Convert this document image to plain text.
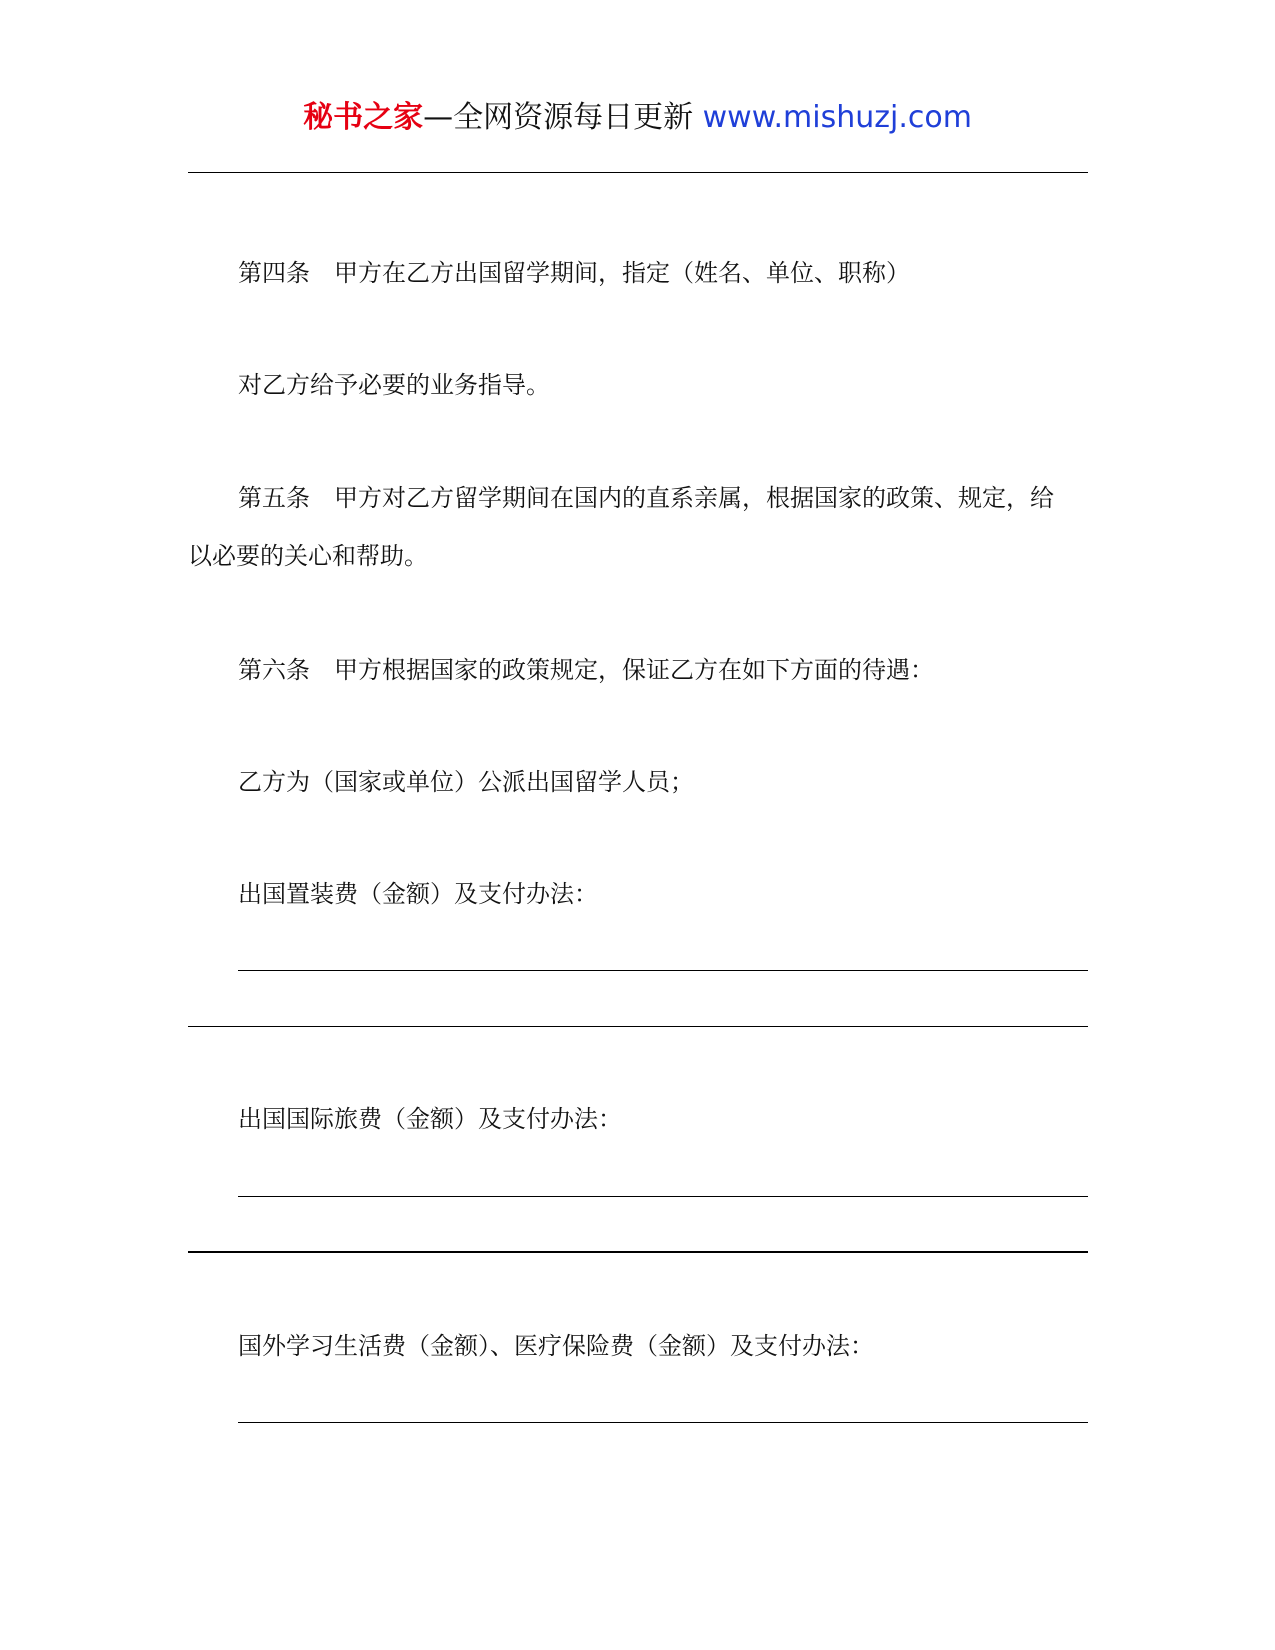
秘书之家—全网资源每日更新 www.mishuzj.com

第四条 甲方在乙方出国留学期间，指定（姓名、单位、职称）

对乙方给予必要的业务指导。

第五条 甲方对乙方留学期间在国内的直系亲属，根据国家的政策、规定，给

以必要的关心和帮助。

第六条 甲方根据国家的政策规定，保证乙方在如下方面的待遇：

乙方为（国家或单位）公派出国留学人员；

出国置装费（金额）及支付办法：

出国国际旅费（金额）及支付办法：

国外学习生活费（金额）、医疗保险费（金额）及支付办法：
